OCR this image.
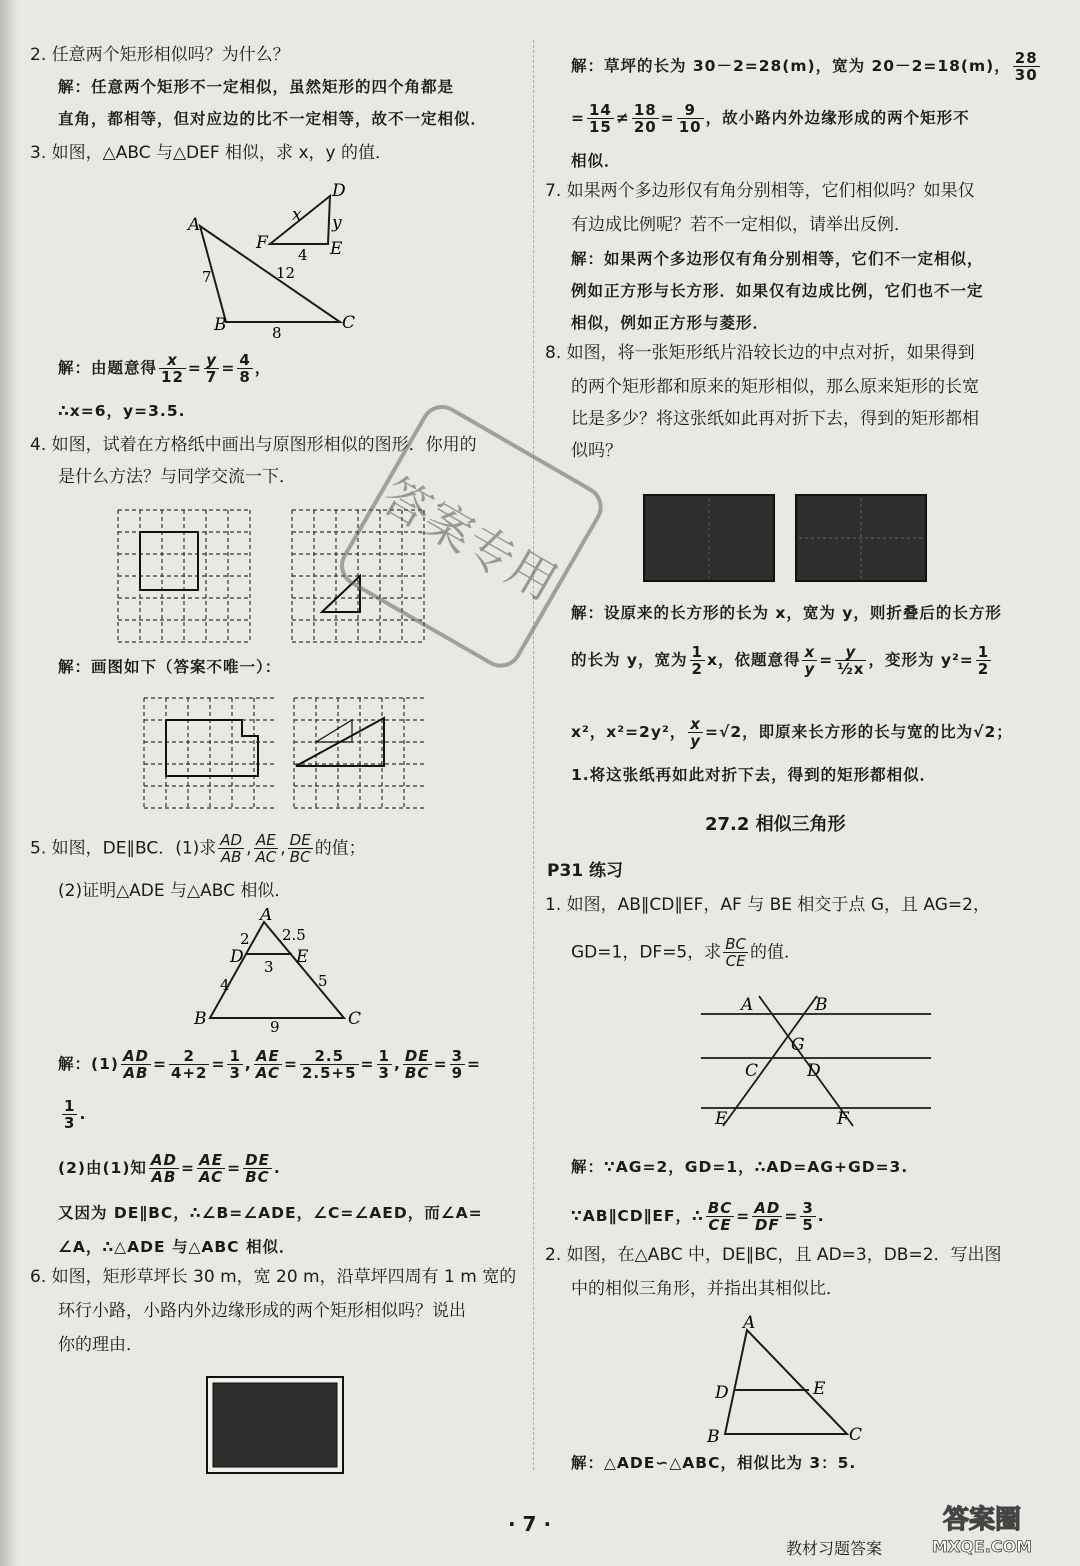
2. 任意两个矩形相似吗？为什么？
解：任意两个矩形不一定相似，虽然矩形的四个角都是
直角，都相等，但对应边的比不一定相等，故不一定相似．
3. 如图，△ABC 与△DEF 相似，求 x，y 的值．
A
B	C
D
E
F
x y
4
7
8
12
解：由题意得 $\frac{x}{12} = \frac{y}{7} = \frac{4}{8}$ ，
∴x=6，y=3.5.
4. 如图，试着在方格纸中画出与原图形相似的图形．你用的
是什么方法？与同学交流一下．
解：画图如下（答案不唯一）：
5. 如图，DE∥BC．(1)求 $\frac{AD}{AB}$ , $\frac{AE}{AC}$ , $\frac{DE}{BC}$ 的值；
(2)证明△ADE 与△ABC 相似．
A
B	C
D	E
2 2.5
3
4	5
9
解：$(1) \frac{AD}{AB} = \frac{2}{4+2} = \frac{1}{3}$ , $\frac{AE}{AC} = \frac{2.5}{2.5+5} = \frac{1}{3}$ , $\frac{DE}{BC} = \frac{3}{9}$ =
$\frac{1}{3}$ .
(2)由(1)知 $\frac{AD}{AB} = \frac{AE}{AC} = \frac{DE}{BC}$ .
又因为 DE∥BC，∴∠B=∠ADE，∠C=∠AED，而∠A=
∠A，∴△ADE 与△ABC 相似．
6. 如图，矩形草坪长 30 m，宽 20 m，沿草坪四周有 1 m 宽的
环行小路，小路内外边缘形成的两个矩形相似吗？说出
你的理由．
解：草坪的长为 30－2=28(m)，宽为 20－2=18(m)， $\frac{28}{30}$
= $\frac{14}{15} \ne \frac{18}{20} = \frac{9}{10}$ ，故小路内外边缘形成的两个矩形不
相似．
7. 如果两个多边形仅有角分别相等，它们相似吗？如果仅
有边成比例呢？若不一定相似，请举出反例．
解：如果两个多边形仅有角分别相等，它们不一定相似，
例如正方形与长方形．如果仅有边成比例，它们也不一定
相似，例如正方形与菱形．
8. 如图，将一张矩形纸片沿较长边的中点对折，如果得到
的两个矩形都和原来的矩形相似，那么原来矩形的长宽
比是多少？将这张纸如此再对折下去，得到的矩形都相
似吗？
解：设原来的长方形的长为 x，宽为 y，则折叠后的长方形
的长为 y，宽为 $\frac{1}{2}$ x，依题意得 $\frac{x}{y} = \frac{y}{\text{½x}}$ ，变形为 $y^2= \frac{1}{2}$
x²，x²=2y²， $\frac{x}{y} =√2$，即原来长方形的长与宽的比为√2；
1.将这张纸再如此对折下去，得到的矩形都相似．
27.2 相似三角形
P31 练习
1. 如图，AB∥CD∥EF，AF 与 BE 相交于点 G，且 AG=2，
GD=1，DF=5，求 $\frac{BC}{CE}$ 的值．
A	B
C	D
E	F
G
解：∵AG=2，GD=1，∴AD=AG+GD=3.
∵AB∥CD∥EF，∴ $\frac{BC}{CE} = \frac{AD}{DF} = \frac{3}{5}$ .
2. 如图，在△ABC 中，DE∥BC，且 AD=3，DB=2．写出图
中的相似三角形，并指出其相似比．
A
B	C
D	E
解：△ADE∽△ABC，相似比为 3：5.
答案专用
· 7 ·
教材习题答案
答案圈
MXQE.COM
